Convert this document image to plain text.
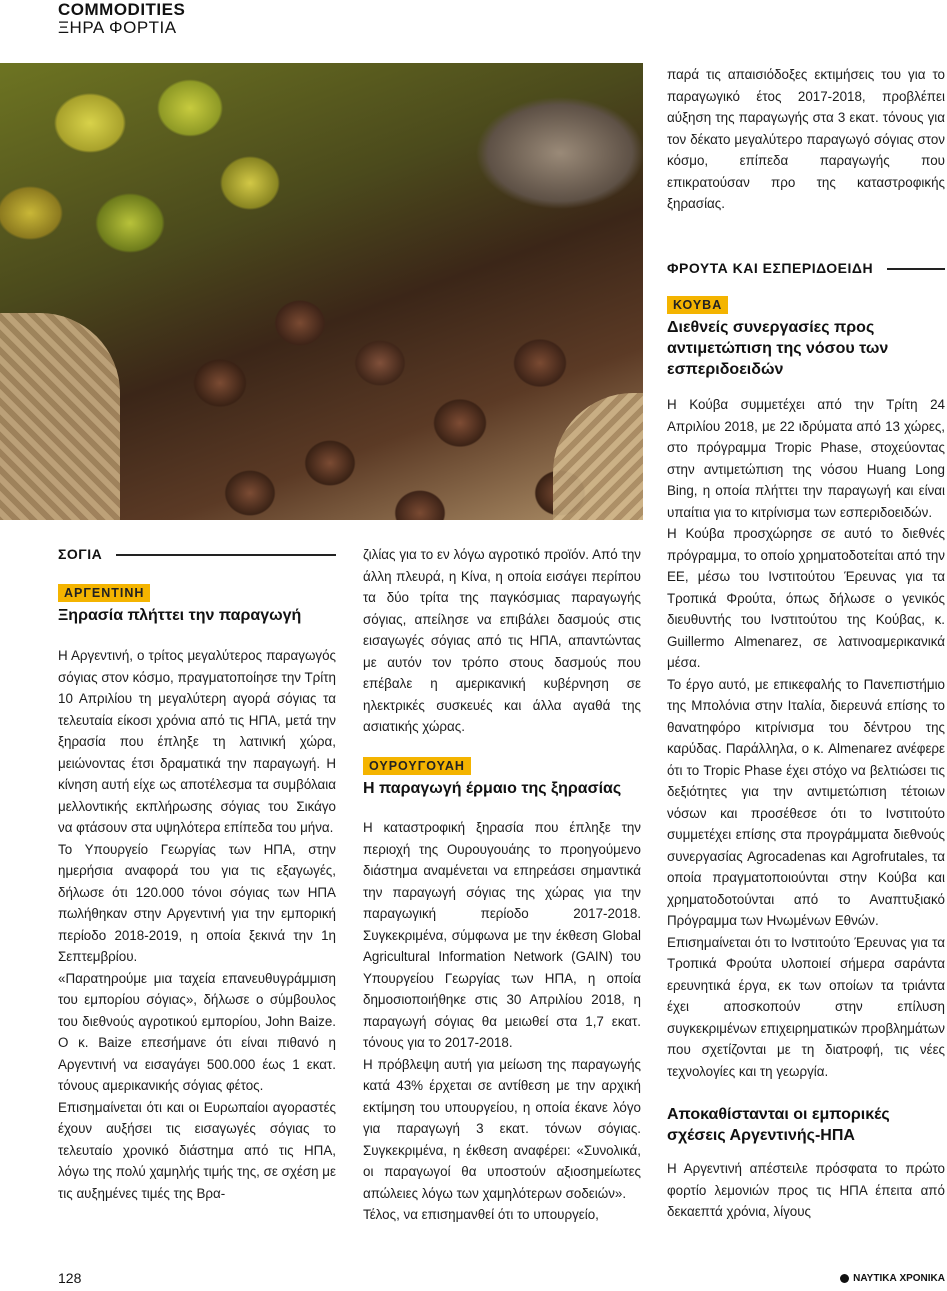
COMMODITIES
ΞΗΡΑ ΦΟΡΤΙΑ

παρά τις απαισιόδοξες εκτιμήσεις του για το παραγωγικό έτος 2017-2018, προβλέπει αύξηση της παραγωγής στα 3 εκατ. τόνους για τον δέκατο μεγαλύτερο παραγωγό σόγιας στον κόσμο, επίπεδα παραγωγής που επικρατούσαν προ της καταστροφικής ξηρασίας.

ΦΡΟΥΤΑ ΚΑΙ ΕΣΠΕΡΙΔΟΕΙΔΗ
ΚΟΥΒΑ
Διεθνείς συνεργασίες προς αντιμετώπιση της νόσου των εσπεριδοειδών

Η Κούβα συμμετέχει από την Τρίτη 24 Απριλίου 2018, με 22 ιδρύματα από 13 χώρες, στο πρόγραμμα Tropic Phase, στοχεύοντας στην αντιμετώπιση της νόσου Huang Long Bing, η οποία πλήττει την παραγωγή και είναι υπαίτια για το κιτρίνισμα των εσπεριδοειδών.

Η Κούβα προσχώρησε σε αυτό το διεθνές πρόγραμμα, το οποίο χρηματοδοτείται από την ΕΕ, μέσω του Ινστιτούτου Έρευνας για τα Τροπικά Φρούτα, όπως δήλωσε ο γενικός διευθυντής του Ινστιτούτου της Κούβας, κ. Guillermo Almenarez, σε λατινοαμερικανικά μέσα.

Το έργο αυτό, με επικεφαλής το Πανεπιστήμιο της Μπολόνια στην Ιταλία, διερευνά επίσης το θανατηφόρο κιτρίνισμα του δέντρου της καρύδας. Παράλληλα, ο κ. Almenarez ανέφερε ότι το Tropic Phase έχει στόχο να βελτιώσει τις δεξιότητες για την αντιμετώπιση τέτοιων νόσων και προσέθεσε ότι το Ινστιτούτο συμμετέχει επίσης στα προγράμματα διεθνούς συνεργασίας Agrocadenas και Agrofrutales, τα οποία πραγματοποιούνται στην Κούβα και χρηματοδοτούνται από το Αναπτυξιακό Πρόγραμμα των Ηνωμένων Εθνών.

Επισημαίνεται ότι το Ινστιτούτο Έρευνας για τα Τροπικά Φρούτα υλοποιεί σήμερα σαράντα ερευνητικά έργα, εκ των οποίων τα τριάντα έχει αποσκοπούν στην επίλυση συγκεκριμένων επιχειρηματικών προβλημάτων που σχετίζονται με τη διατροφή, τις νέες τεχνολογίες και τη γεωργία.

Αποκαθίστανται οι εμπορικές σχέσεις Αργεντινής-ΗΠΑ

Η Αργεντινή απέστειλε πρόσφατα το πρώτο φορτίο λεμονιών προς τις ΗΠΑ έπειτα από δεκαεπτά χρόνια, λίγους

ΣΟΓΙΑ
ΑΡΓΕΝΤΙΝΗ
Ξηρασία πλήττει την παραγωγή

Η Αργεντινή, ο τρίτος μεγαλύτερος παραγωγός σόγιας στον κόσμο, πραγματοποίησε την Τρίτη 10 Απριλίου τη μεγαλύτερη αγορά σόγιας τα τελευταία είκοσι χρόνια από τις ΗΠΑ, μετά την ξηρασία που έπληξε τη λατινική χώρα, μειώνοντας έτσι δραματικά την παραγωγή. Η κίνηση αυτή είχε ως αποτέλεσμα τα συμβόλαια μελλοντικής εκπλήρωσης σόγιας του Σικάγο να φτάσουν στα υψηλότερα επίπεδα του μήνα.

Το Υπουργείο Γεωργίας των ΗΠΑ, στην ημερήσια αναφορά του για τις εξαγωγές, δήλωσε ότι 120.000 τόνοι σόγιας των ΗΠΑ πωλήθηκαν στην Αργεντινή για την εμπορική περίοδο 2018-2019, η οποία ξεκινά την 1η Σεπτεμβρίου.

«Παρατηρούμε μια ταχεία επανευθυγράμμιση του εμπορίου σόγιας», δήλωσε ο σύμβουλος του διεθνούς αγροτικού εμπορίου, John Baize. Ο κ. Baize επεσήμανε ότι είναι πιθανό η Αργεντινή να εισαγάγει 500.000 έως 1 εκατ. τόνους αμερικανικής σόγιας φέτος.

Επισημαίνεται ότι και οι Ευρωπαίοι αγοραστές έχουν αυξήσει τις εισαγωγές σόγιας το τελευταίο χρονικό διάστημα από τις ΗΠΑ, λόγω της πολύ χαμηλής τιμής της, σε σχέση με τις αυξημένες τιμές της Βρα-

ζιλίας για το εν λόγω αγροτικό προϊόν. Από την άλλη πλευρά, η Κίνα, η οποία εισάγει περίπου τα δύο τρίτα της παγκόσμιας παραγωγής σόγιας, απείλησε να επιβάλει δασμούς στις εισαγωγές σόγιας από τις ΗΠΑ, απαντώντας με αυτόν τον τρόπο στους δασμούς που επέβαλε η αμερικανική κυβέρνηση σε ηλεκτρικές συσκευές και άλλα αγαθά της ασιατικής χώρας.

ΟΥΡΟΥΓΟΥΑΗ
Η παραγωγή έρμαιο της ξηρασίας

Η καταστροφική ξηρασία που έπληξε την περιοχή της Ουρουγουάης το προηγούμενο διάστημα αναμένεται να επηρεάσει σημαντικά την παραγωγή σόγιας της χώρας για την παραγωγική περίοδο 2017-2018. Συγκεκριμένα, σύμφωνα με την έκθεση Global Agricultural Information Network (GAIN) του Υπουργείου Γεωργίας των ΗΠΑ, η οποία δημοσιοποιήθηκε στις 30 Απριλίου 2018, η παραγωγή σόγιας θα μειωθεί στα 1,7 εκατ. τόνους για το 2017-2018.

Η πρόβλεψη αυτή για μείωση της παραγωγής κατά 43% έρχεται σε αντίθεση με την αρχική εκτίμηση του υπουργείου, η οποία έκανε λόγο για παραγωγή 3 εκατ. τόνων σόγιας. Συγκεκριμένα, η έκθεση αναφέρει: «Συνολικά, οι παραγωγοί θα υποστούν αξιοσημείωτες απώλειες λόγω των χαμηλότερων σοδειών».

Τέλος, να επισημανθεί ότι το υπουργείο,

128	ΝΑΥΤΙΚΑ ΧΡΟΝΙΚΑ
